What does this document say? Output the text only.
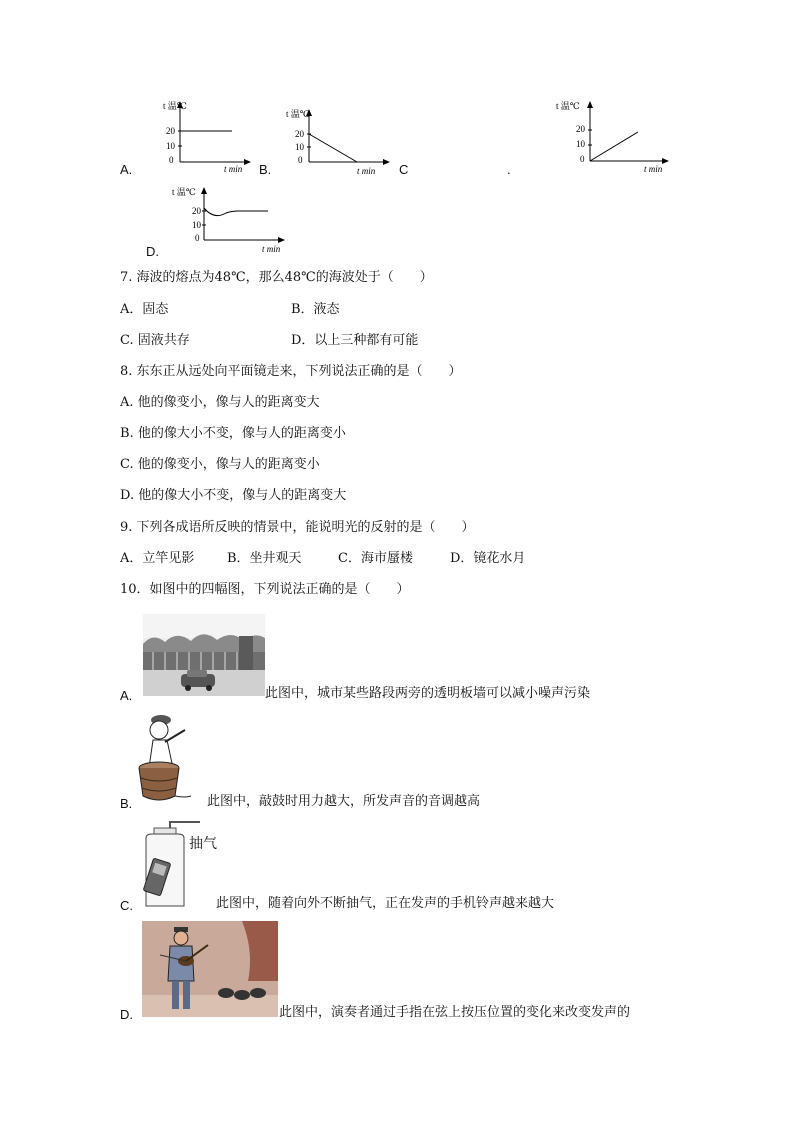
A.	B.	C	.
D.
t 温℃
20
10
0
t min
t 温℃
20
10
0
t min
t 温℃
20
10
0
t min
t 温℃
20
10
0
t min
7. 海波的熔点为48℃，那么48℃的海波处于（　　）
A．固态	B．液态
C. 固液共存	D．以上三种都有可能
8. 东东正从远处向平面镜走来，下列说法正确的是（　　）
A. 他的像变小，像与人的距离变大
B. 他的像大小不变，像与人的距离变小
C. 他的像变小，像与人的距离变小
D. 他的像大小不变，像与人的距离变大
9. 下列各成语所反映的情景中，能说明光的反射的是（　　）
A．立竿见影	B．坐井观天	C．海市蜃楼	D．镜花水月
10．如图中的四幅图，下列说法正确的是（　　）
A.	此图中，城市某些路段两旁的透明板墙可以减小噪声污染
B.	此图中，敲鼓时用力越大，所发声音的音调越高
抽气
C.	此图中，随着向外不断抽气，正在发声的手机铃声越来越大
D.	此图中，演奏者通过手指在弦上按压位置的变化来改变发声的
